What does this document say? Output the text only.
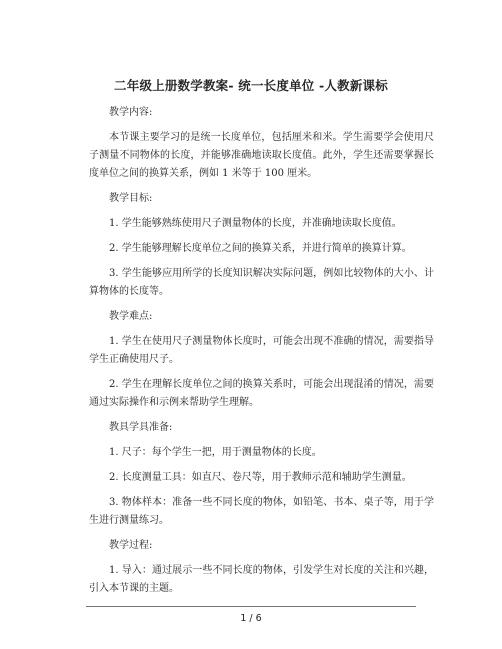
二年级上册数学教案- 统一长度单位 -人教新课标

教学内容:

本节课主要学习的是统一长度单位，包括厘米和米。学生需要学会使用尺子测量不同物体的长度，并能够准确地读取长度值。此外，学生还需要掌握长度单位之间的换算关系，例如 1 米等于 100 厘米。

教学目标:

1. 学生能够熟练使用尺子测量物体的长度，并准确地读取长度值。

2. 学生能够理解长度单位之间的换算关系，并进行简单的换算计算。

3. 学生能够应用所学的长度知识解决实际问题，例如比较物体的大小、计算物体的长度等。

教学难点:

1. 学生在使用尺子测量物体长度时，可能会出现不准确的情况，需要指导学生正确使用尺子。

2. 学生在理解长度单位之间的换算关系时，可能会出现混淆的情况，需要通过实际操作和示例来帮助学生理解。

教具学具准备:

1. 尺子：每个学生一把，用于测量物体的长度。

2. 长度测量工具：如直尺、卷尺等，用于教师示范和辅助学生测量。

3. 物体样本：准备一些不同长度的物体，如铅笔、书本、桌子等，用于学生进行测量练习。

教学过程:

1. 导入：通过展示一些不同长度的物体，引发学生对长度的关注和兴趣，引入本节课的主题。

1 / 6
